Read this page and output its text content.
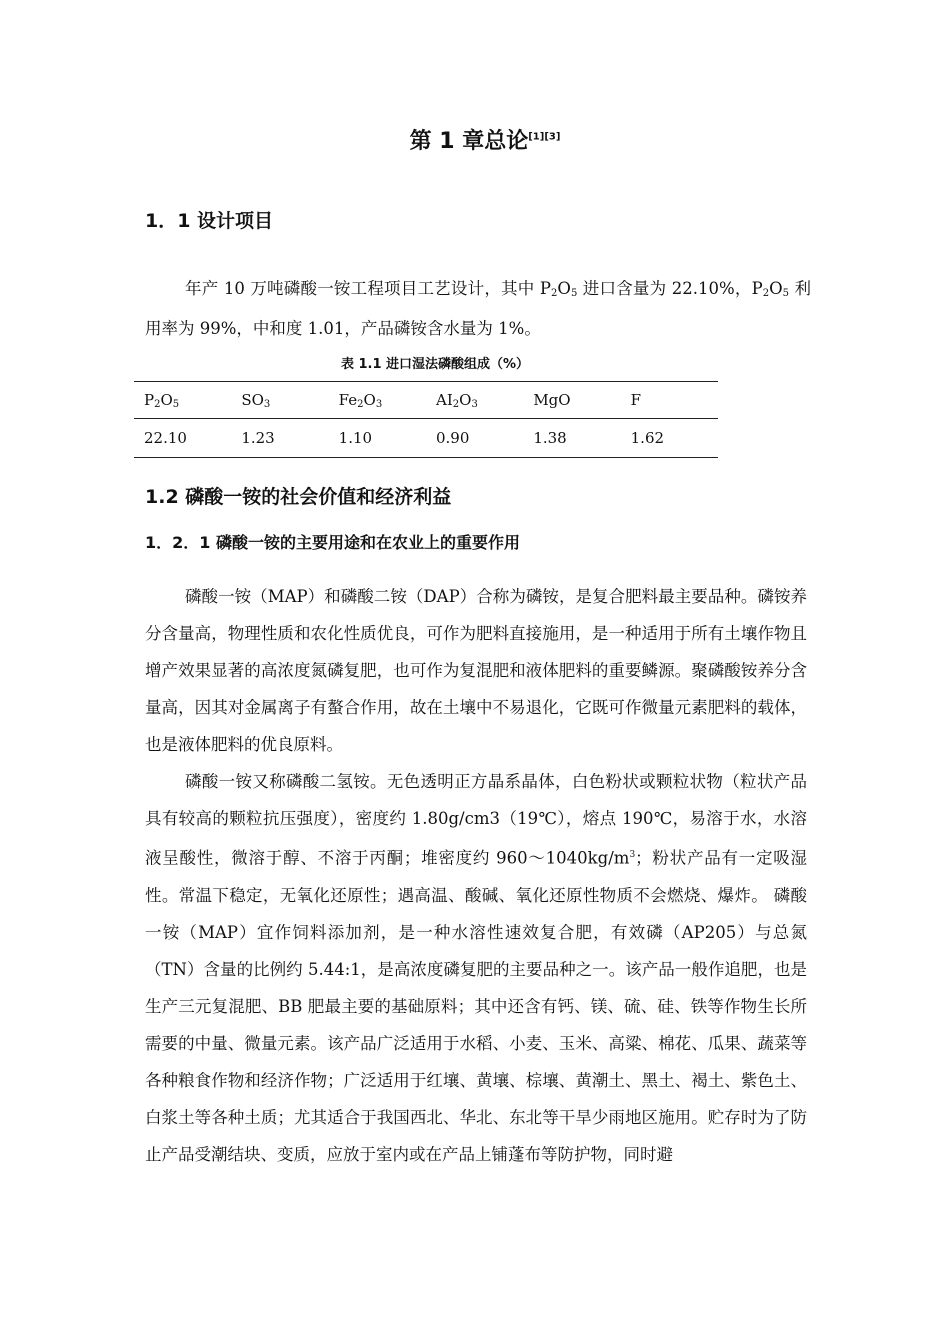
第 1 章总论[1][3]
1．1 设计项目

年产 10 万吨磷酸一铵工程项目工艺设计，其中 P2O5 进口含量为 22.10%，P2O5 利用率为 99%，中和度 1.01，产品磷铵含水量为 1%。

表 1.1 进口湿法磷酸组成（%）
P2O5	SO3	Fe2O3	AI2O3	MgO	F
22.10	1.23	1.10	0.90	1.38	1.62
1.2 磷酸一铵的社会价值和经济利益
1．2．1 磷酸一铵的主要用途和在农业上的重要作用

磷酸一铵（MAP）和磷酸二铵（DAP）合称为磷铵，是复合肥料最主要品种。磷铵养分含量高，物理性质和农化性质优良，可作为肥料直接施用，是一种适用于所有土壤作物且增产效果显著的高浓度氮磷复肥，也可作为复混肥和液体肥料的重要鳞源。聚磷酸铵养分含量高，因其对金属离子有螯合作用，故在土壤中不易退化，它既可作微量元素肥料的载体，也是液体肥料的优良原料。

磷酸一铵又称磷酸二氢铵。无色透明正方晶系晶体，白色粉状或颗粒状物（粒状产品具有较高的颗粒抗压强度），密度约 1.80g/cm3（19℃），熔点 190℃，易溶于水，水溶液呈酸性，微溶于醇、不溶于丙酮；堆密度约 $960\sim 1040kg/m^3$；粉状产品有一定吸湿性。常温下稳定，无氧化还原性；遇高温、酸碱、氧化还原性物质不会燃烧、爆炸。 磷酸一铵（MAP）宜作饲料添加剂，是一种水溶性速效复合肥，有效磷（AP205）与总氮（TN）含量的比例约 5.44:1，是高浓度磷复肥的主要品种之一。该产品一般作追肥，也是生产三元复混肥、BB 肥最主要的基础原料；其中还含有钙、镁、硫、硅、铁等作物生长所需要的中量、微量元素。该产品广泛适用于水稻、小麦、玉米、高粱、棉花、瓜果、蔬菜等各种粮食作物和经济作物；广泛适用于红壤、黄壤、棕壤、黄潮土、黑土、褐土、紫色土、白浆土等各种土质；尤其适合于我国西北、华北、东北等干旱少雨地区施用。贮存时为了防止产品受潮结块、变质，应放于室内或在产品上铺蓬布等防护物，同时避
